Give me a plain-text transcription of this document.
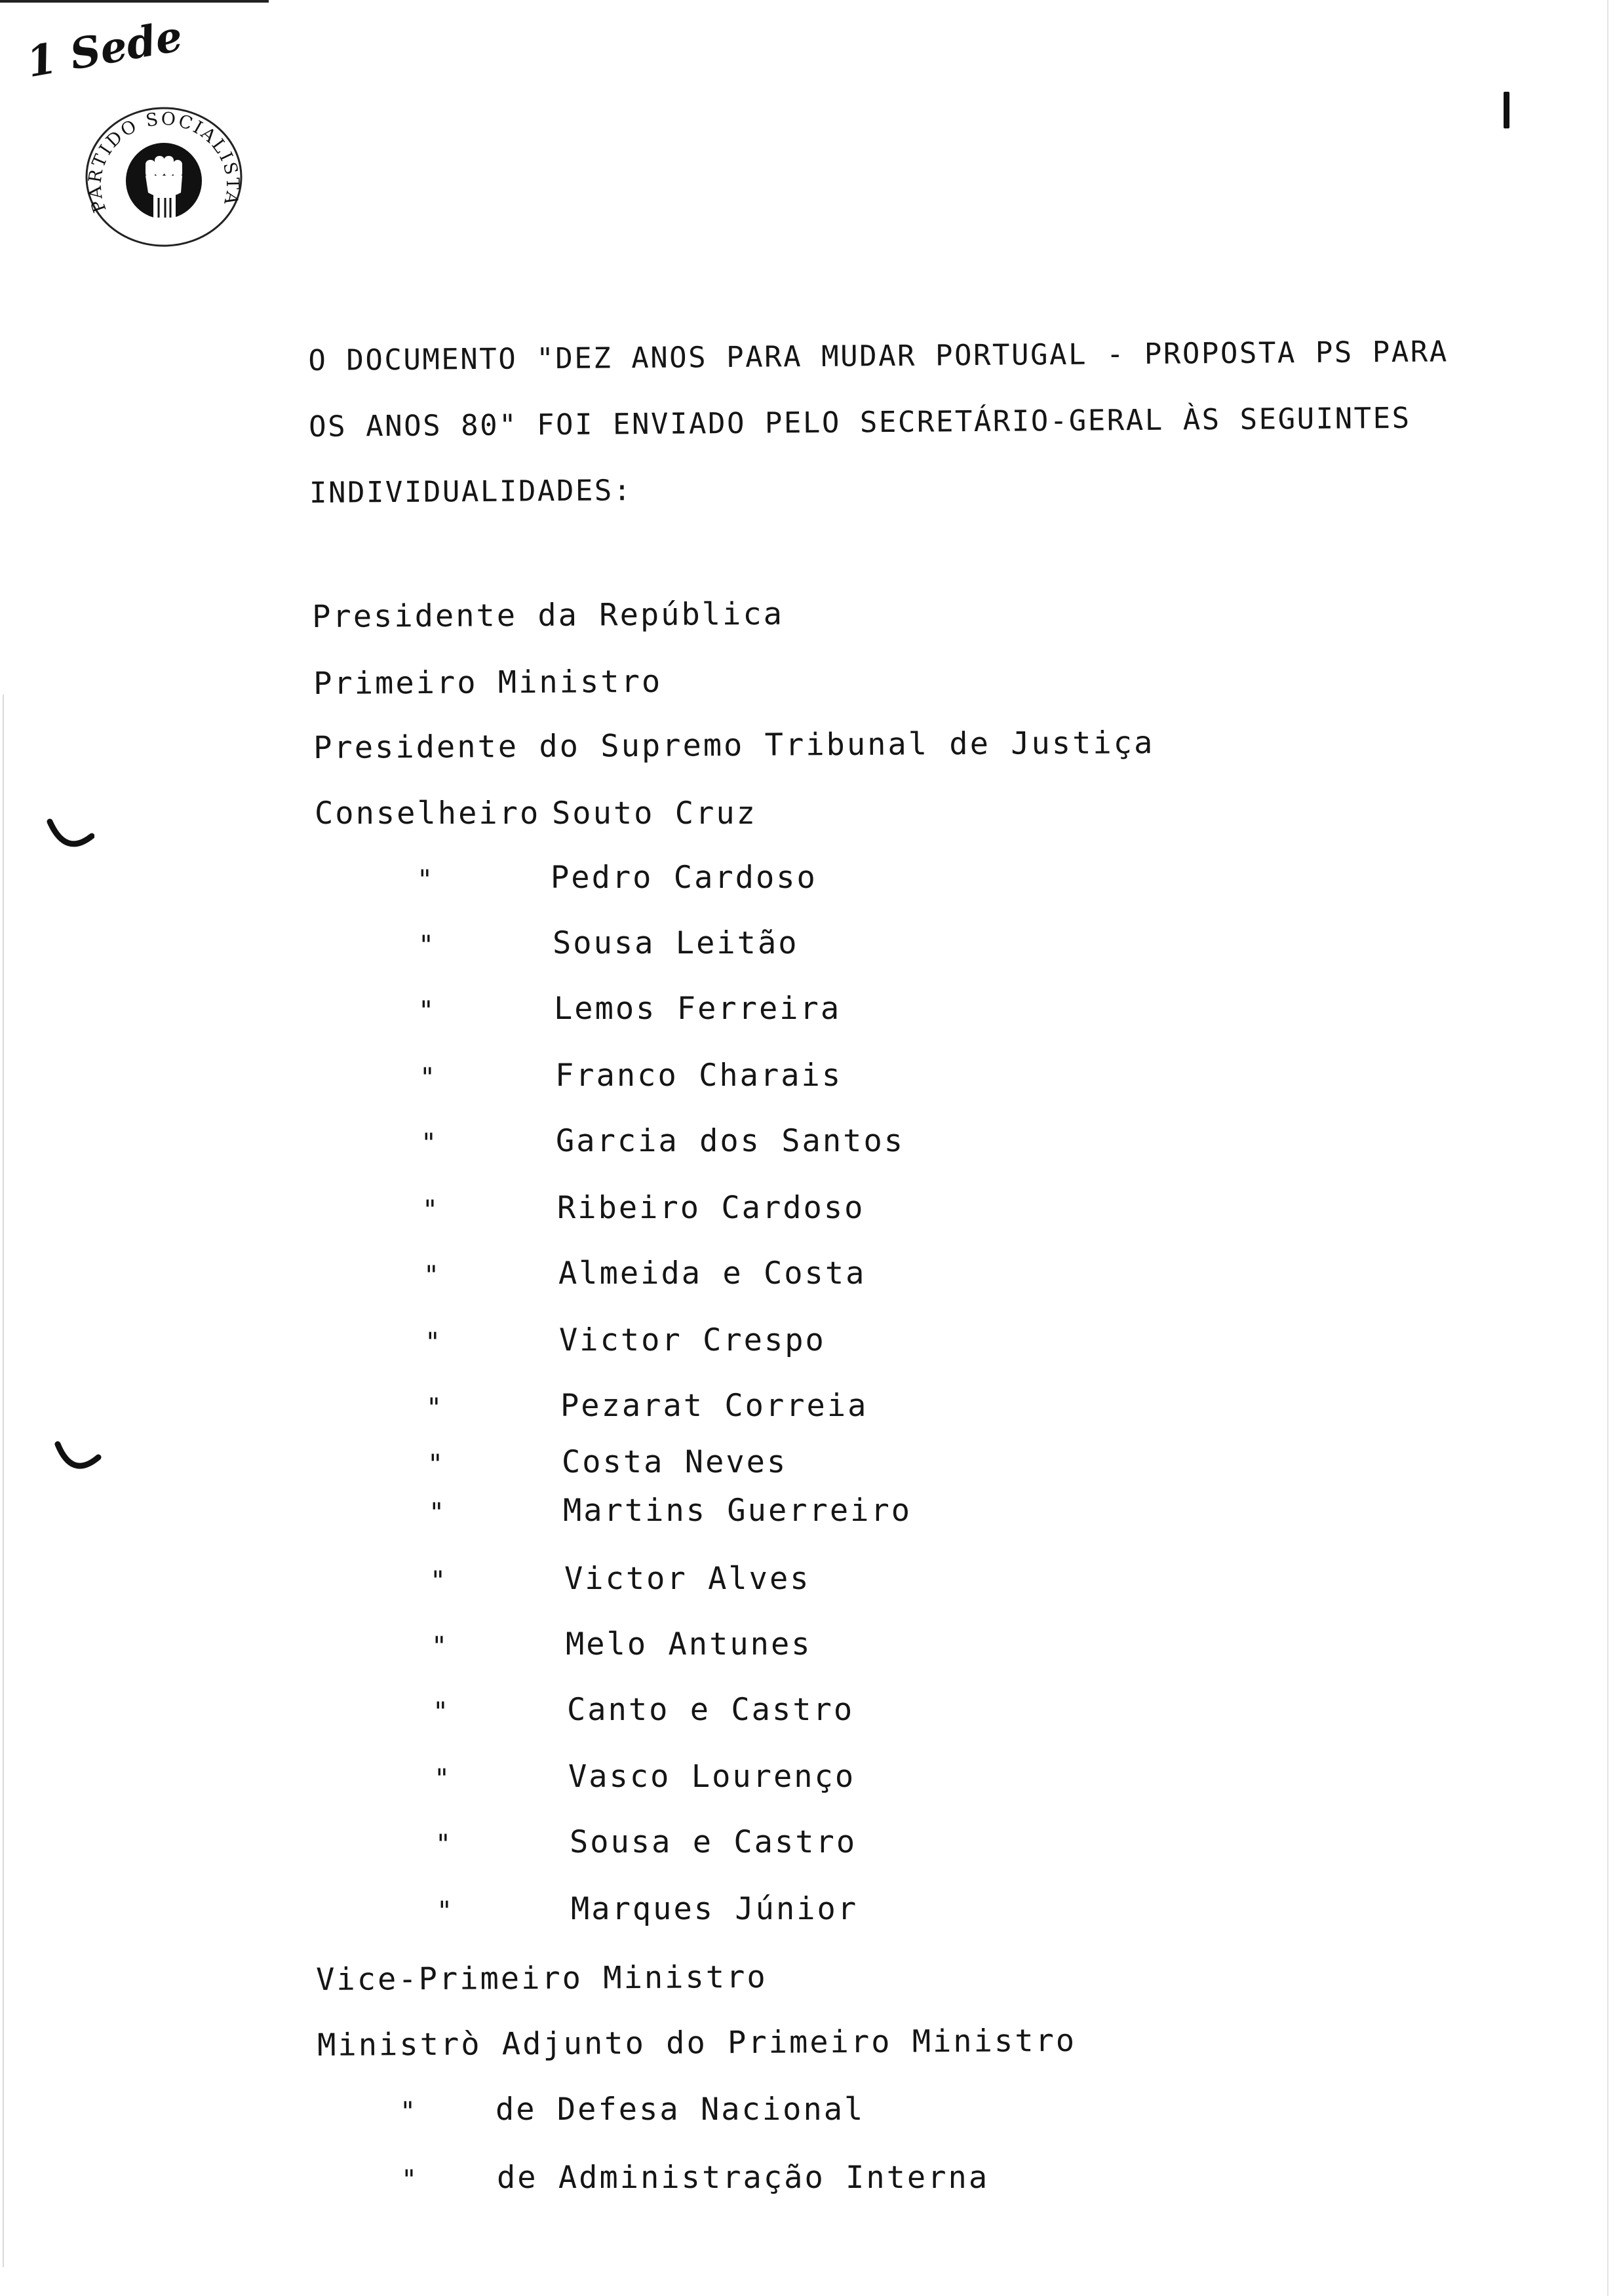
1 Sede
PARTIDO SOCIALISTA

O DOCUMENTO "DEZ ANOS PARA MUDAR PORTUGAL - PROPOSTA PS PARA

OS ANOS 80" FOI ENVIADO PELO SECRETÁRIO-GERAL ÀS SEGUINTES

INDIVIDUALIDADES:

Presidente da República
Primeiro Ministro
Presidente do Supremo Tribunal de Justiça
Conselheiro Souto Cruz
"	Pedro Cardoso
"	Sousa Leitão
"	Lemos Ferreira
"	Franco Charais
"	Garcia dos Santos
"	Ribeiro Cardoso
"	Almeida e Costa
"	Victor Crespo
"	Pezarat Correia
"	Costa Neves
"	Martins Guerreiro
"	Victor Alves
"	Melo Antunes
"	Canto e Castro
"	Vasco Lourenço
"	Sousa e Castro
"	Marques Júnior
Vice-Primeiro Ministro
Ministrò Adjunto do Primeiro Ministro
"	de Defesa Nacional
"	de Administração Interna
